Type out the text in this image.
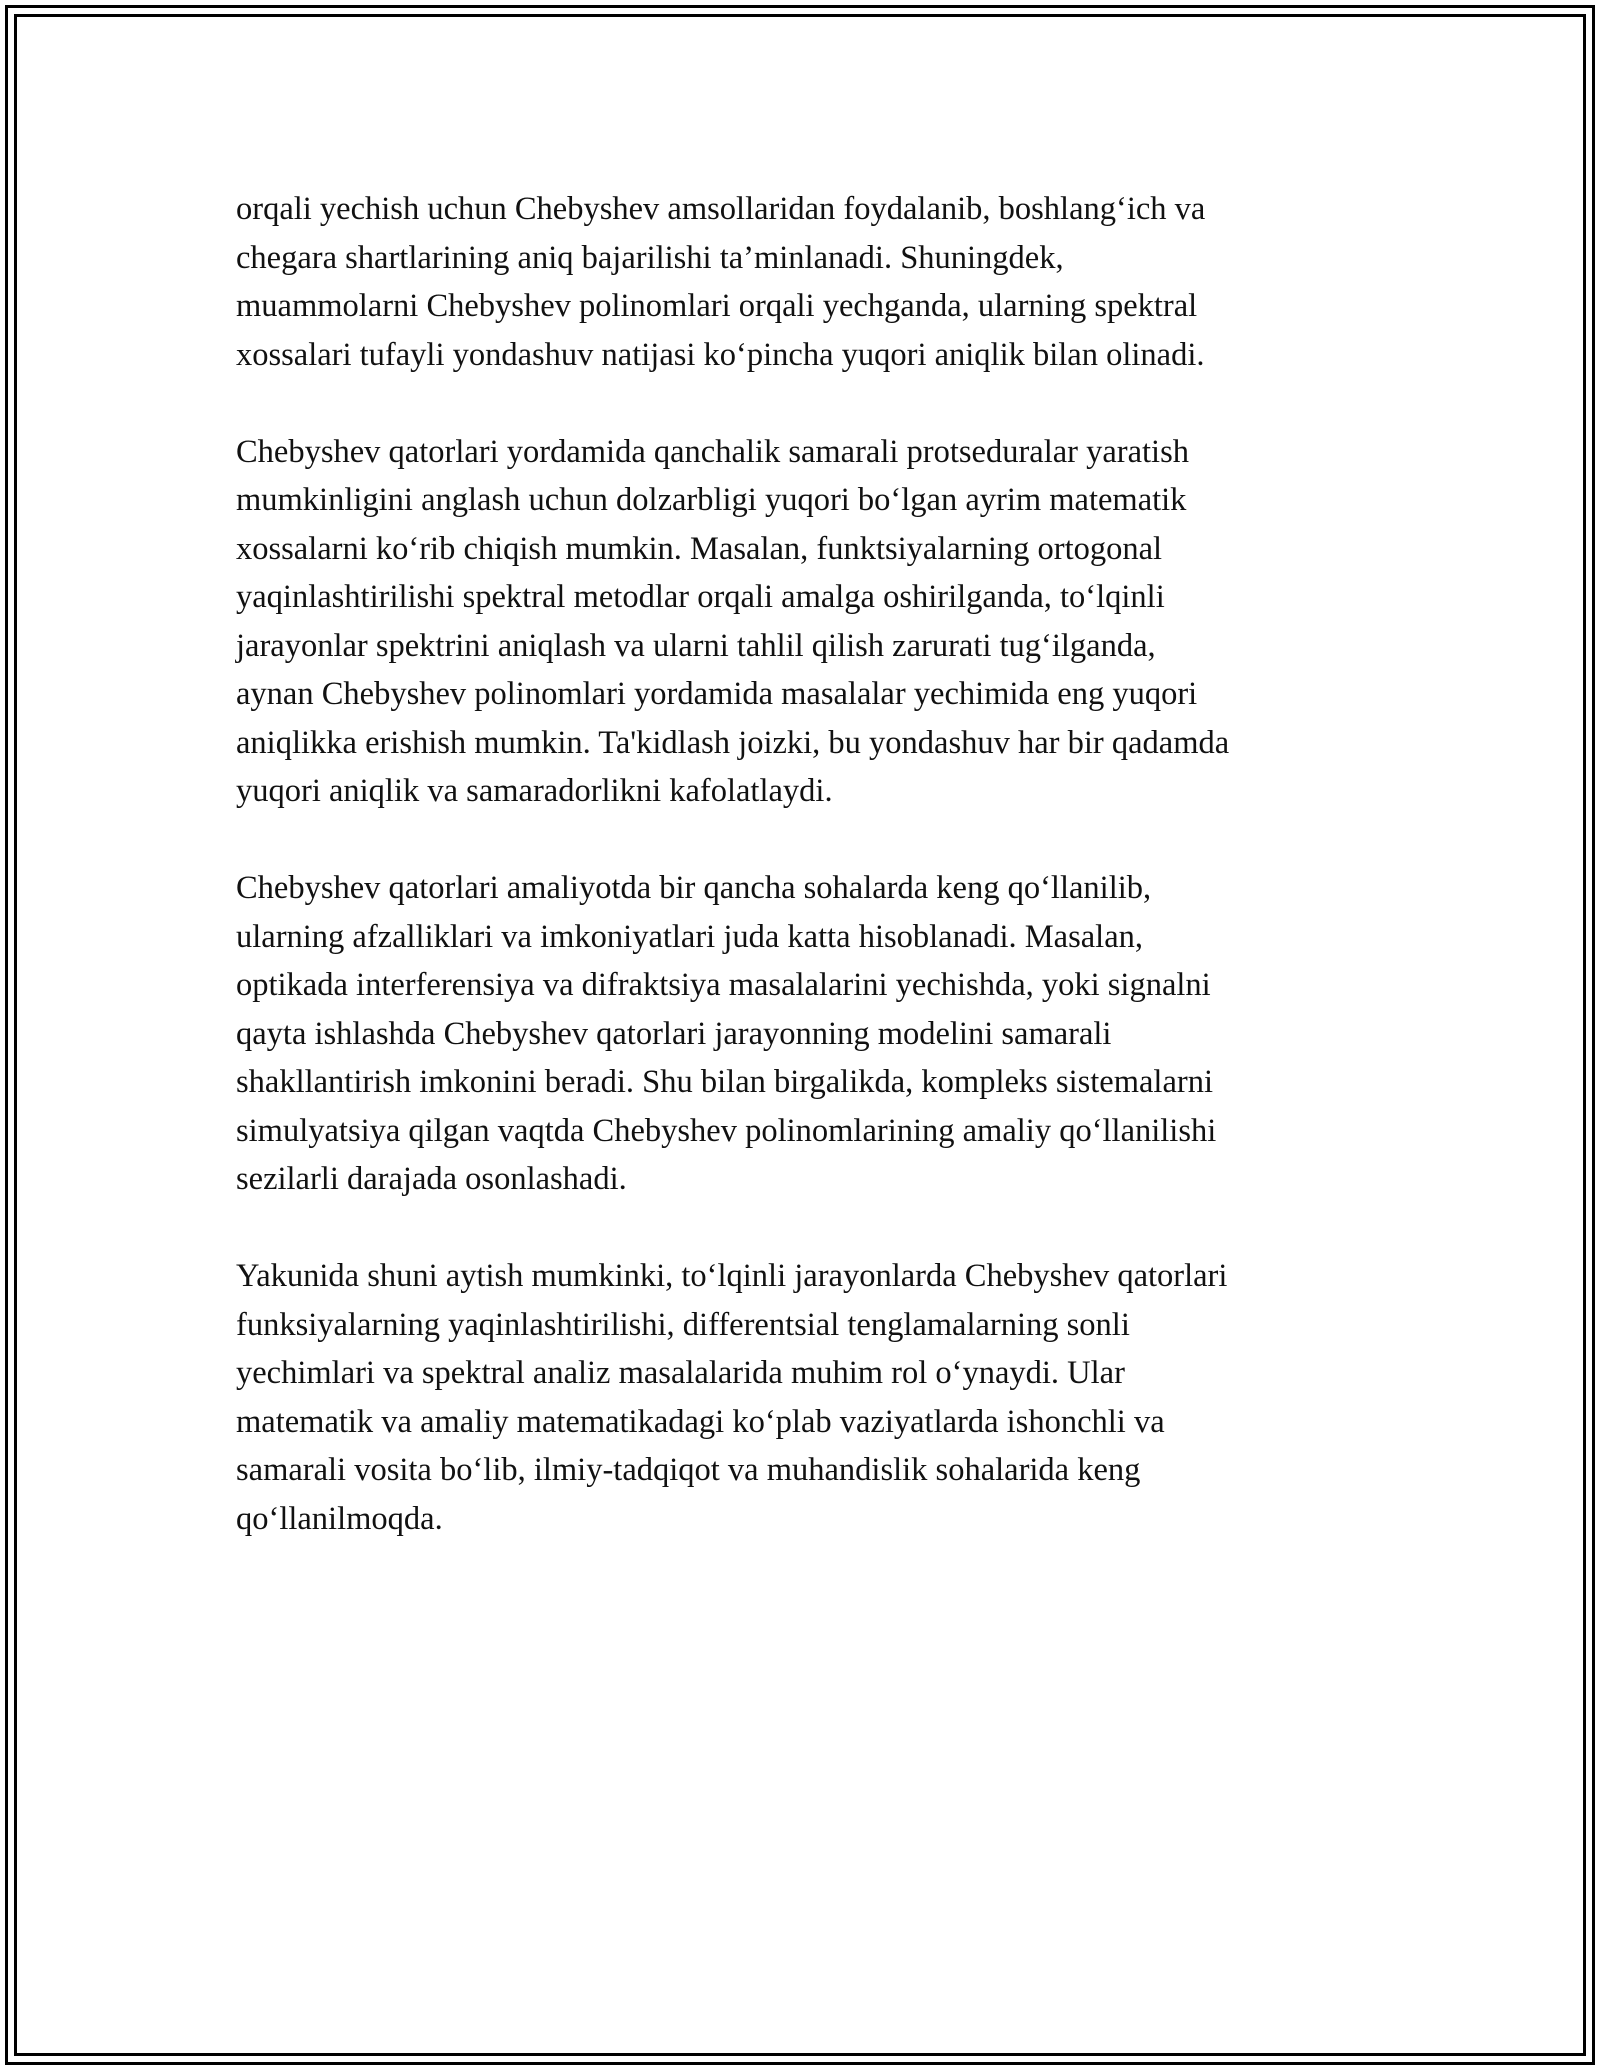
orqali yechish uchun Chebyshev amsollaridan foydalanib, boshlang‘ich va
chegara shartlarining aniq bajarilishi ta’minlanadi. Shuningdek,
muammolarni Chebyshev polinomlari orqali yechganda, ularning spektral
xossalari tufayli yondashuv natijasi ko‘pincha yuqori aniqlik bilan olinadi.

Chebyshev qatorlari yordamida qanchalik samarali protseduralar yaratish
mumkinligini anglash uchun dolzarbligi yuqori bo‘lgan ayrim matematik
xossalarni ko‘rib chiqish mumkin. Masalan, funktsiyalarning ortogonal
yaqinlashtirilishi spektral metodlar orqali amalga oshirilganda, to‘lqinli
jarayonlar spektrini aniqlash va ularni tahlil qilish zarurati tug‘ilganda,
aynan Chebyshev polinomlari yordamida masalalar yechimida eng yuqori
aniqlikka erishish mumkin. Ta'kidlash joizki, bu yondashuv har bir qadamda
yuqori aniqlik va samaradorlikni kafolatlaydi.

Chebyshev qatorlari amaliyotda bir qancha sohalarda keng qo‘llanilib,
ularning afzalliklari va imkoniyatlari juda katta hisoblanadi. Masalan,
optikada interferensiya va difraktsiya masalalarini yechishda, yoki signalni
qayta ishlashda Chebyshev qatorlari jarayonning modelini samarali
shakllantirish imkonini beradi. Shu bilan birgalikda, kompleks sistemalarni
simulyatsiya qilgan vaqtda Chebyshev polinomlarining amaliy qo‘llanilishi
sezilarli darajada osonlashadi.

Yakunida shuni aytish mumkinki, to‘lqinli jarayonlarda Chebyshev qatorlari
funksiyalarning yaqinlashtirilishi, differentsial tenglamalarning sonli
yechimlari va spektral analiz masalalarida muhim rol o‘ynaydi. Ular
matematik va amaliy matematikadagi ko‘plab vaziyatlarda ishonchli va
samarali vosita bo‘lib, ilmiy-tadqiqot va muhandislik sohalarida keng
qo‘llanilmoqda.
